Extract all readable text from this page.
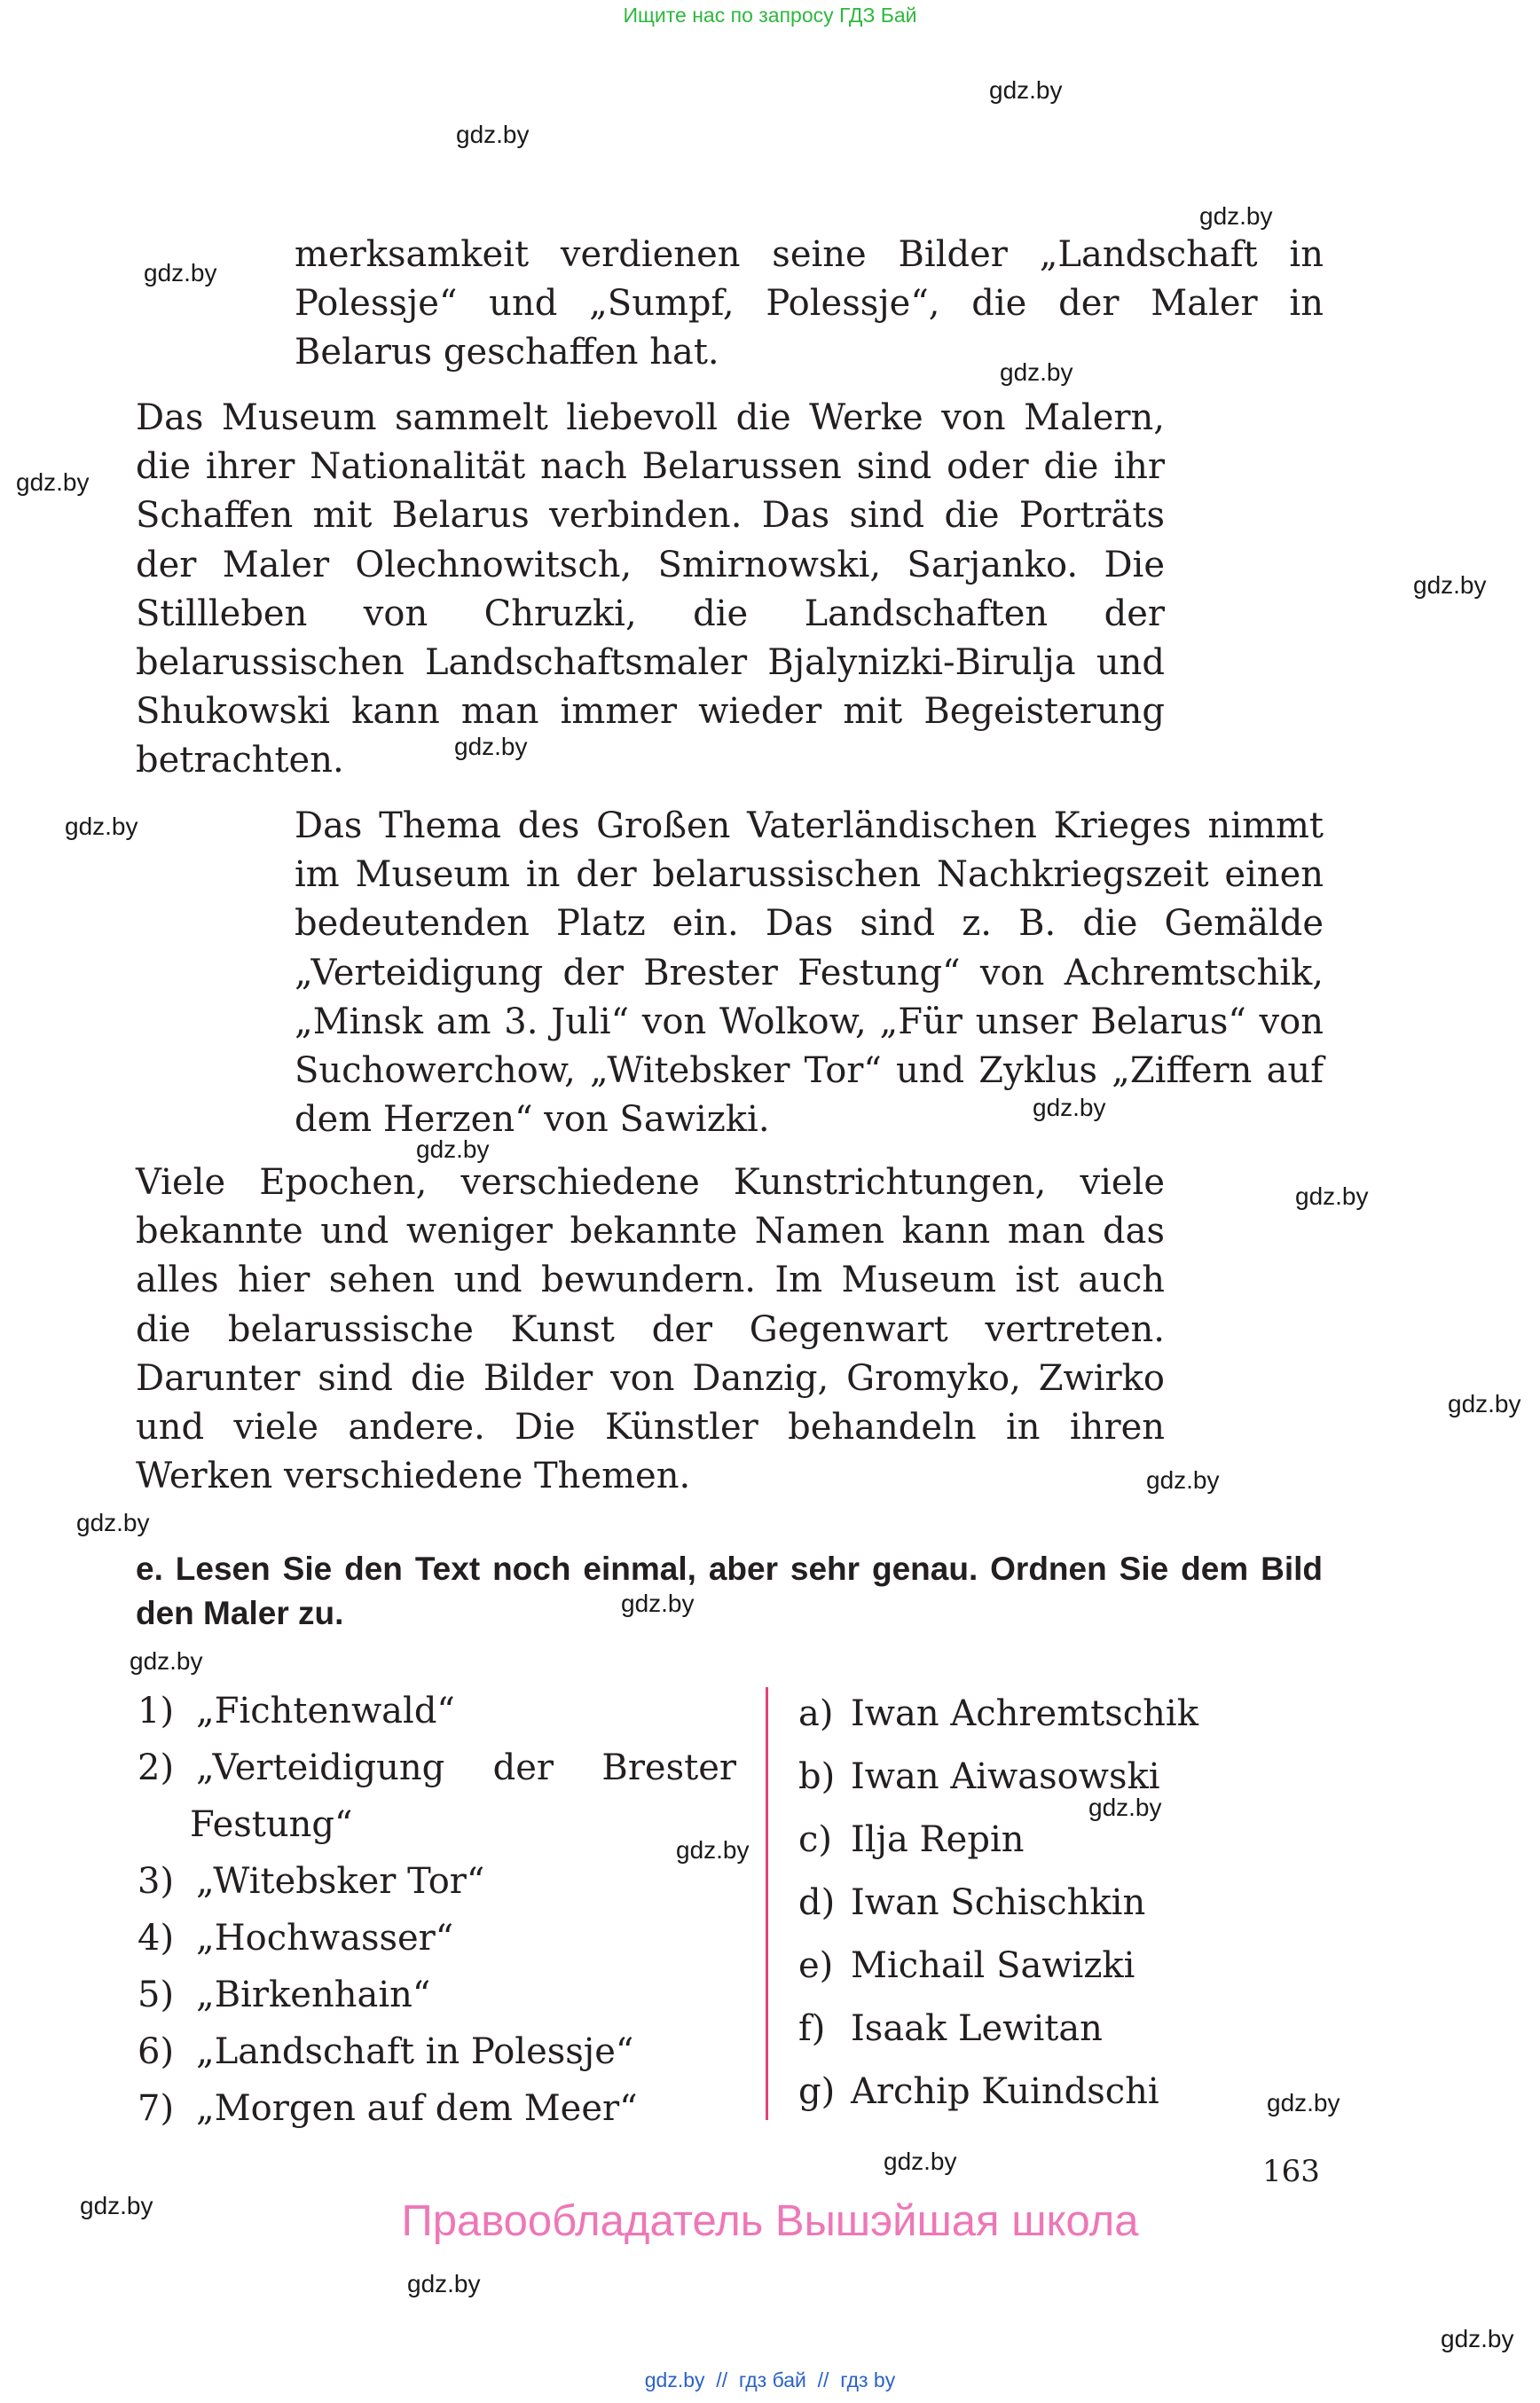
Ищите нас по запросу ГДЗ Бай
gdz.by
gdz.by
gdz.by
gdz.by
gdz.by
gdz.by
gdz.by
gdz.by
gdz.by
gdz.by
gdz.by
gdz.by
gdz.by
gdz.by
gdz.by
gdz.by
gdz.by
gdz.by
gdz.by
gdz.by
gdz.by
gdz.by
gdz.by
gdz.by

merksamkeit verdienen seine Bilder „Landschaft in Polessje“ und „Sumpf, Polessje“, die der Maler in Belarus geschaffen hat.

Das Museum sammelt liebevoll die Werke von Malern, die ihrer Nationalität nach Belarussen sind oder die ihr Schaffen mit Belarus verbinden. Das sind die Porträts der Maler Olechnowitsch, Smirnowski, Sarjanko. Die Stillleben von Chruzki, die Landschaften der belarussischen Landschaftsmaler Bjalynizki-Birulja und Shukowski kann man immer wieder mit Begeisterung betrachten.

Das Thema des Großen Vaterländischen Krieges nimmt im Museum in der belarussischen Nachkriegszeit einen bedeutenden Platz ein. Das sind z. B. die Gemälde „Verteidigung der Brester Festung“ von Achremtschik, „Minsk am 3. Juli“ von Wolkow, „Für unser Belarus“ von Suchowerchow, „Witebsker Tor“ und Zyklus „Ziffern auf dem Herzen“ von Sawizki.

Viele Epochen, verschiedene Kunstrichtungen, viele bekannte und weniger bekannte Namen kann man das alles hier sehen und bewundern. Im Museum ist auch die belarussische Kunst der Gegenwart vertreten. Darunter sind die Bilder von Danzig, Gromyko, Zwirko und viele andere. Die Künstler behandeln in ihren Werken verschiedene Themen.

e. Lesen Sie den Text noch einmal, aber sehr genau. Ordnen Sie dem Bild den Maler zu.
1) „Fichtenwald“
2) „Verteidigung der Brester
Festung“
3) „Witebsker Tor“
4) „Hochwasser“
5) „Birkenhain“
6) „Landschaft in Polessje“
7) „Morgen auf dem Meer“
a) Iwan Achremtschik
b) Iwan Aiwasowski
c) Ilja Repin
d) Iwan Schischkin
e) Michail Sawizki
f) Isaak Lewitan
g) Archip Kuindschi
163
Правообладатель Вышэйшая школа
gdz.by  //  гдз бай  //  гдз by
